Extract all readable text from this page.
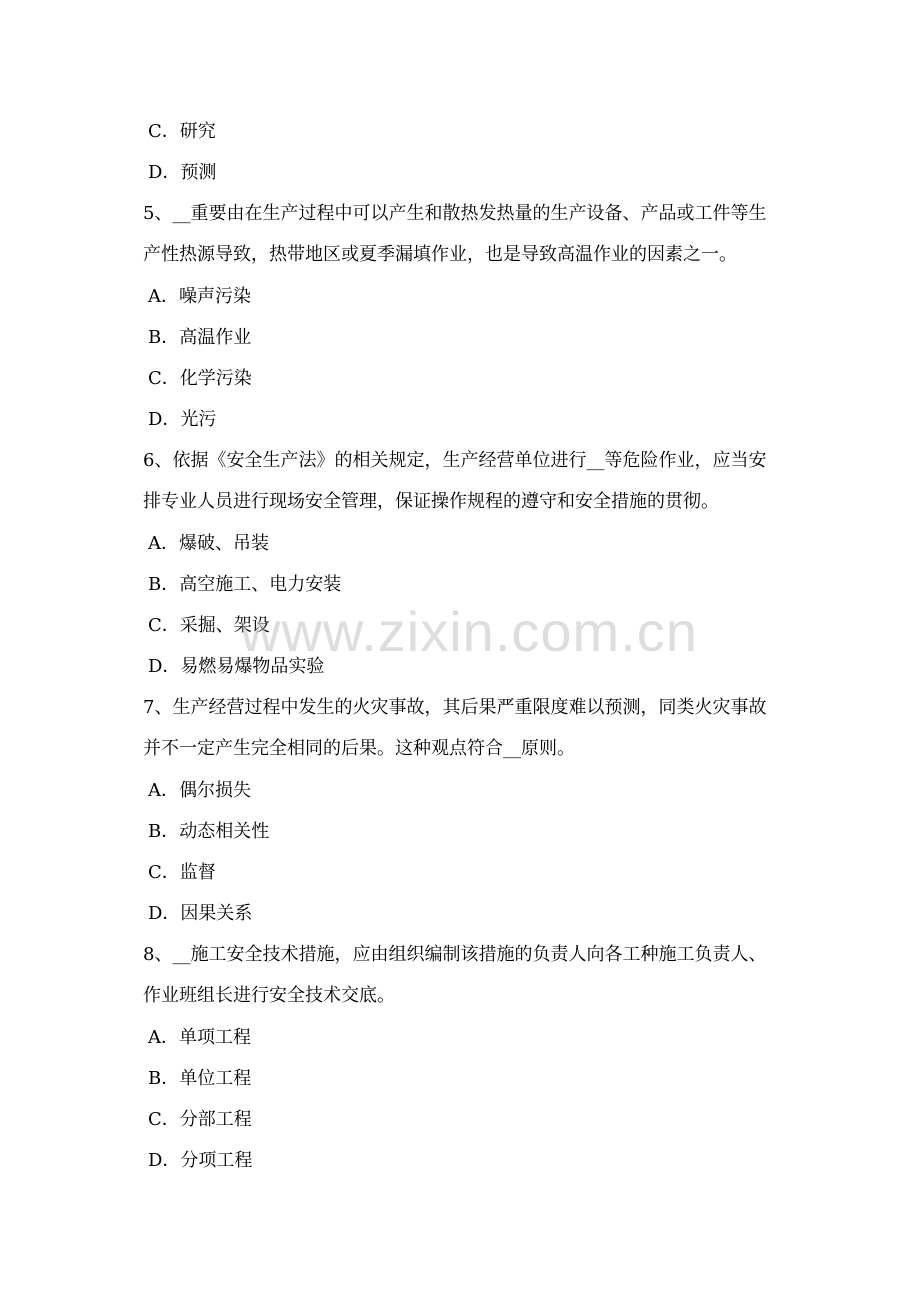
C．研究
D．预测
5、__重要由在生产过程中可以产生和散热发热量的生产设备、产品或工件等生
产性热源导致，热带地区或夏季漏填作业，也是导致高温作业的因素之一。
A．噪声污染
B．高温作业
C．化学污染
D．光污
6、依据《安全生产法》的相关规定，生产经营单位进行__等危险作业，应当安
排专业人员进行现场安全管理，保证操作规程的遵守和安全措施的贯彻。
A．爆破、吊装
B．高空施工、电力安装
C．采掘、架设
D．易燃易爆物品实验
7、生产经营过程中发生的火灾事故，其后果严重限度难以预测，同类火灾事故
并不一定产生完全相同的后果。这种观点符合__原则。
A．偶尔损失
B．动态相关性
C．监督
D．因果关系
8、__施工安全技术措施，应由组织编制该措施的负责人向各工种施工负责人、
作业班组长进行安全技术交底。
A．单项工程
B．单位工程
C．分部工程
D．分项工程
www.zixin.com.cn
